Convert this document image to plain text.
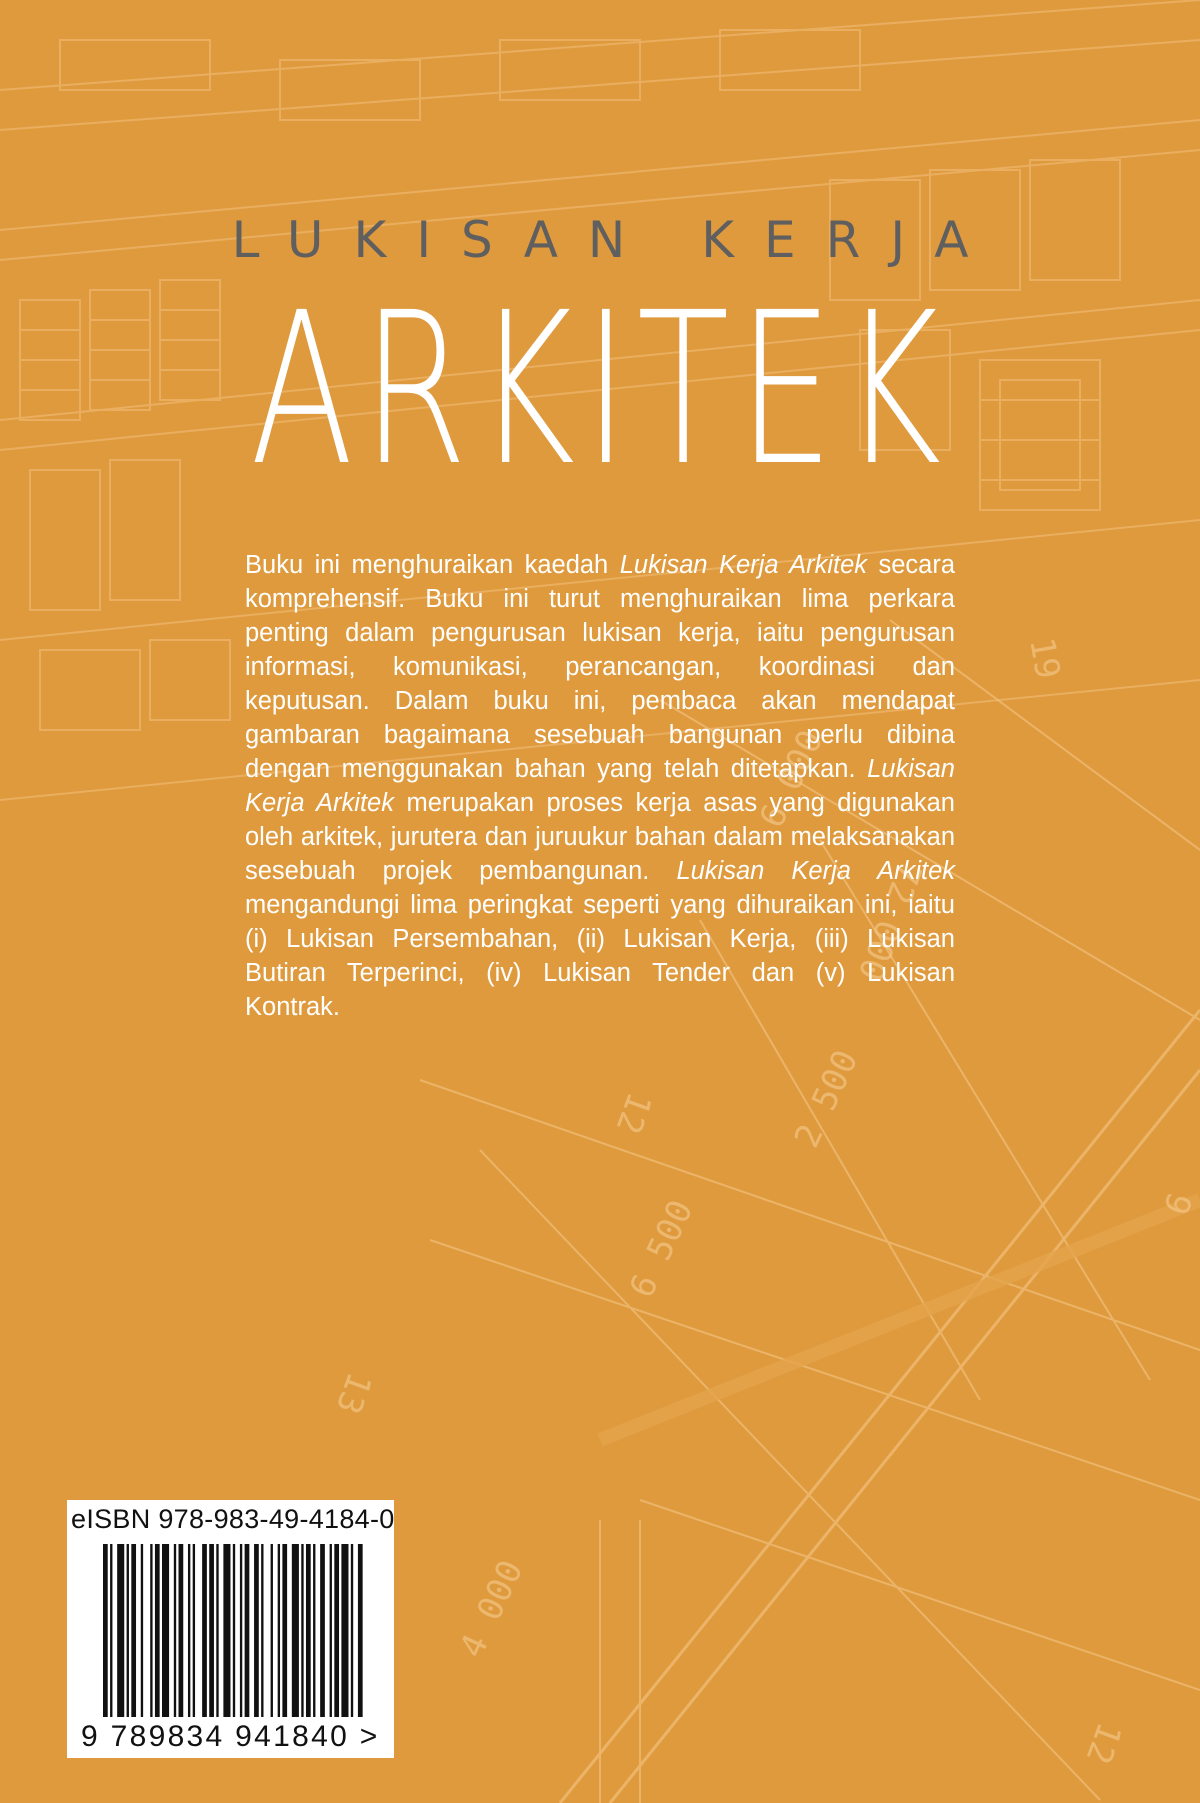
19
6 000
72 000
2 500
12
6 500
13
9
12
4 000
LUKISAN KERJA
ARKITEK
Buku ini menghuraikan kaedah Lukisan Kerja Arkitek secara komprehensif. Buku ini turut menghuraikan lima perkara penting dalam pengurusan lukisan kerja, iaitu pengurusan informasi, komunikasi, perancangan, koordinasi dan keputusan. Dalam buku ini, pembaca akan mendapat gambaran bagaimana sesebuah bangunan perlu dibina dengan menggunakan bahan yang telah ditetapkan. Lukisan Kerja Arkitek merupakan proses kerja asas yang digunakan oleh arkitek, jurutera dan juruukur bahan dalam melaksanakan sesebuah projek pembangunan. Lukisan Kerja Arkitek mengandungi lima peringkat seperti yang dihuraikan ini, iaitu (i) Lukisan Persembahan, (ii) Lukisan Kerja, (iii) Lukisan Butiran Terperinci, (iv) Lukisan Tender dan (v) Lukisan Kontrak.
eISBN 978-983-49-4184-0
9 789834 941840 >
